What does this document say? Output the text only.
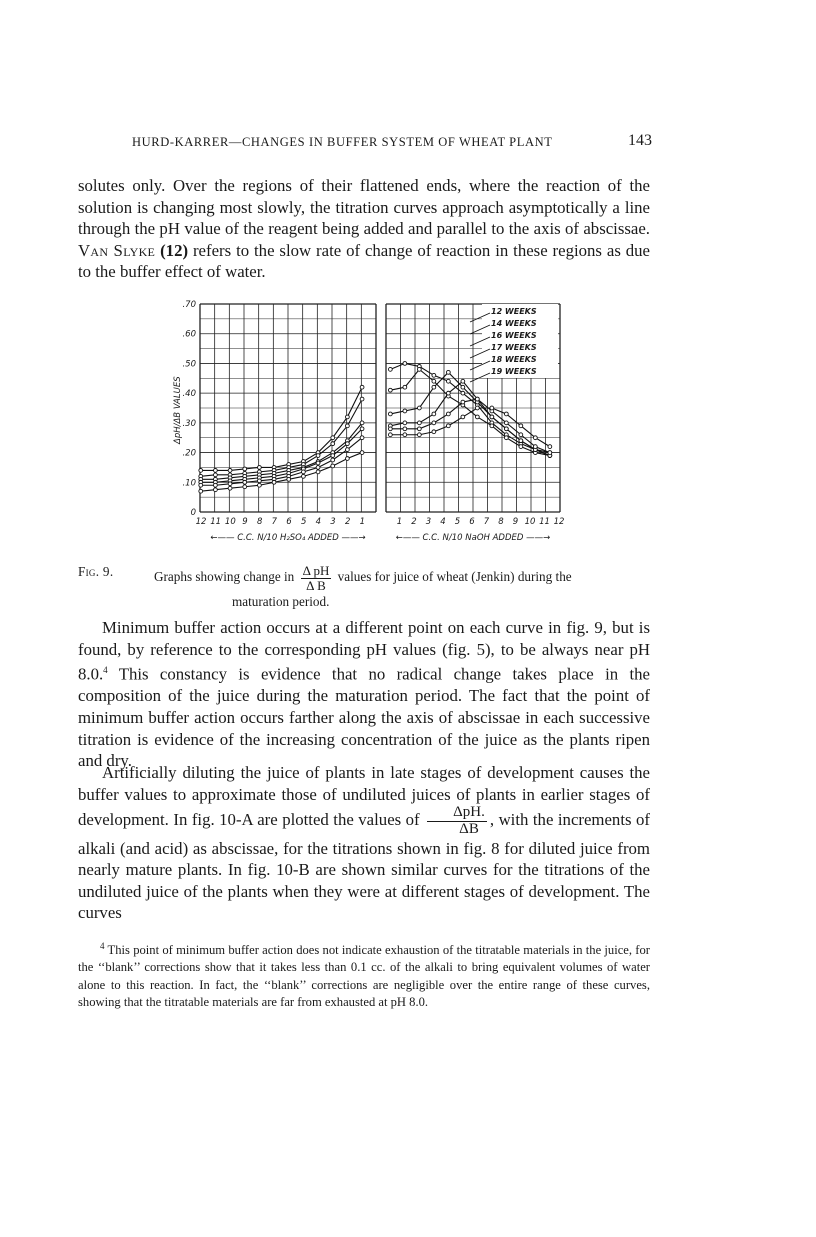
HURD-KARRER—CHANGES IN BUFFER SYSTEM OF WHEAT PLANT	143

solutes only. Over the regions of their flattened ends, where the reaction of the solution is changing most slowly, the titration curves approach asymptotically a line through the pH value of the reagent being added and parallel to the axis of abscissae. Van Slyke (12) refers to the slow rate of change of reaction in these regions as due to the buffer effect of water.

.70
.60
.50
.40
.30
.20
.10
0
12 11 10 9 8 7 6 5 4 3 2 1	1 2 3 4 5 6 7 8 9 10 11 12
12 WEEKS
14 WEEKS
16 WEEKS
17 WEEKS
18 WEEKS
19 WEEKS
ΔpH/ΔB VALUES
←—— C.C. N/10 H₂SO₄ ADDED ——→	←—— C.C. N/10 NaOH ADDED ——→
Fig. 9.	Graphs showing change in $\frac{\text{Δ pH}}{\text{Δ B}}$ values for juice of wheat (Jenkin) during the
maturation period.

Minimum buffer action occurs at a different point on each curve in fig. 9, but is found, by reference to the corresponding pH values (fig. 5), to be always near pH 8.0.$^4$ This constancy is evidence that no radical change takes place in the composition of the juice during the maturation period. The fact that the point of minimum buffer action occurs farther along the axis of abscissae in each successive titration is evidence of the increasing concentration of the juice as the plants ripen and dry.

Artificially diluting the juice of plants in late stages of development causes the buffer values to approximate those of undiluted juices of plants in earlier stages of development. In fig. 10-A are plotted the values of $\frac{\text{ΔpH.}}{\Delta B}$ , with the increments of alkali (and acid) as abscissae, for the titrations shown in fig. 8 for diluted juice from nearly mature plants. In fig. 10-B are shown similar curves for the titrations of the undiluted juice of the plants when they were at different stages of development. The curves

$^4$ This point of minimum buffer action does not indicate exhaustion of the titratable materials in the juice, for the ‘‘blank’’ corrections show that it takes less than 0.1 cc. of the alkali to bring equivalent volumes of water alone to this reaction. In fact, the ‘‘blank’’ corrections are negligible over the entire range of these curves, showing that the titratable materials are far from exhausted at pH 8.0.
